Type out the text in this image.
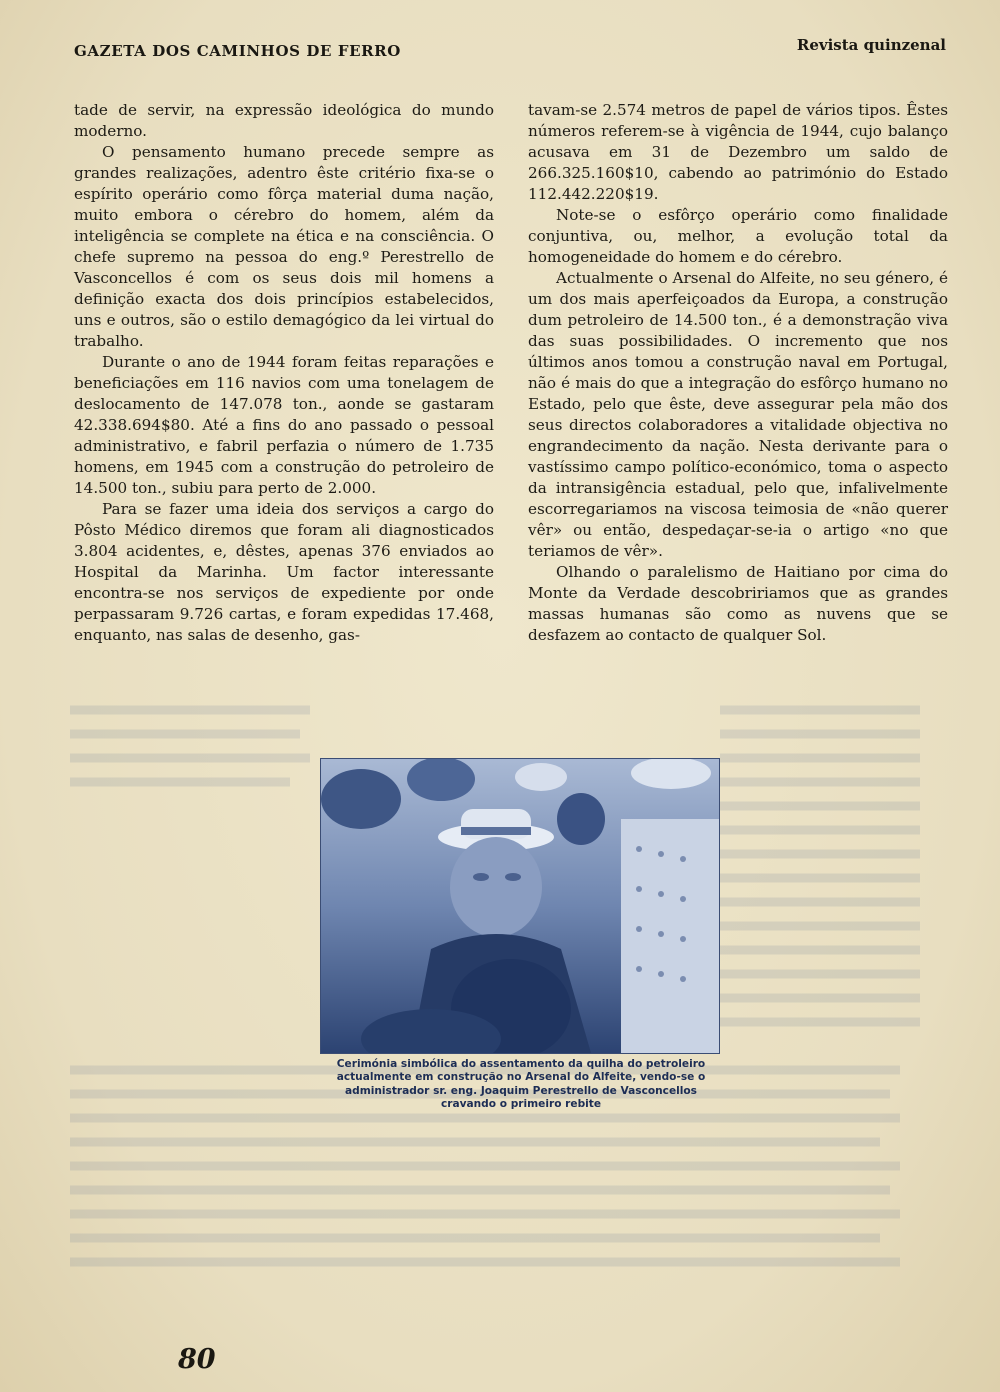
GAZETA DOS CAMINHOS DE FERRO	Revista quinzenal

tade de servir, na expressão ideológica do mundo moderno.

O pensamento humano precede sempre as grandes realizações, adentro êste critério fixa-se o espírito operário como fôrça material duma nação, muito embora o cérebro do homem, além da inteligência se complete na ética e na consciência. O chefe supremo na pessoa do eng.º Perestrello de Vasconcellos é com os seus dois mil homens a definição exacta dos dois princípios estabelecidos, uns e outros, são o estilo demagógico da lei virtual do trabalho.

Durante o ano de 1944 foram feitas reparações e beneficiações em 116 navios com uma tonelagem de deslocamento de 147.078 ton., aonde se gastaram 42.338.694$80. Até a fins do ano passado o pessoal administrativo, e fabril perfazia o número de 1.735 homens, em 1945 com a construção do petroleiro de 14.500 ton., subiu para perto de 2.000.

Para se fazer uma ideia dos serviços a cargo do Pôsto Médico diremos que foram ali diagnosticados 3.804 acidentes, e, dêstes, apenas 376 enviados ao Hospital da Marinha. Um factor interessante encontra-se nos serviços de expediente por onde perpassaram 9.726 cartas, e foram expedidas 17.468, enquanto, nas salas de desenho, gas-

tavam-se 2.574 metros de papel de vários tipos. Êstes números referem-se à vigência de 1944, cujo balanço acusava em 31 de Dezembro um saldo de 266.325.160$10, cabendo ao património do Estado 112.442.220$19.

Note-se o esfôrço operário como finalidade conjuntiva, ou, melhor, a evolução total da homogeneidade do homem e do cérebro.

Actualmente o Arsenal do Alfeite, no seu género, é um dos mais aperfeiçoados da Europa, a construção dum petroleiro de 14.500 ton., é a demonstração viva das suas possibilidades. O incremento que nos últimos anos tomou a construção naval em Portugal, não é mais do que a integração do esfôrço humano no Estado, pelo que êste, deve assegurar pela mão dos seus directos colaboradores a vitalidade objectiva no engrandecimento da nação. Nesta derivante para o vastíssimo campo político-económico, toma o aspecto da intransigência estadual, pelo que, infalivelmente escorregariamos na viscosa teimosia de «não querer vêr» ou então, despedaçar-se-ia o artigo «no que teriamos de vêr».

Olhando o paralelismo de Haitiano por cima do Monte da Verdade descobririamos que as grandes massas humanas são como as nuvens que se desfazem ao contacto de qualquer Sol.

Cerimónia simbólica do assentamento da quilha do petroleiro actualmente em construção no Arsenal do Alfeite, vendo-se o administrador sr. eng. Joaquim Perestrello de Vasconcellos cravando o primeiro rebite
80
